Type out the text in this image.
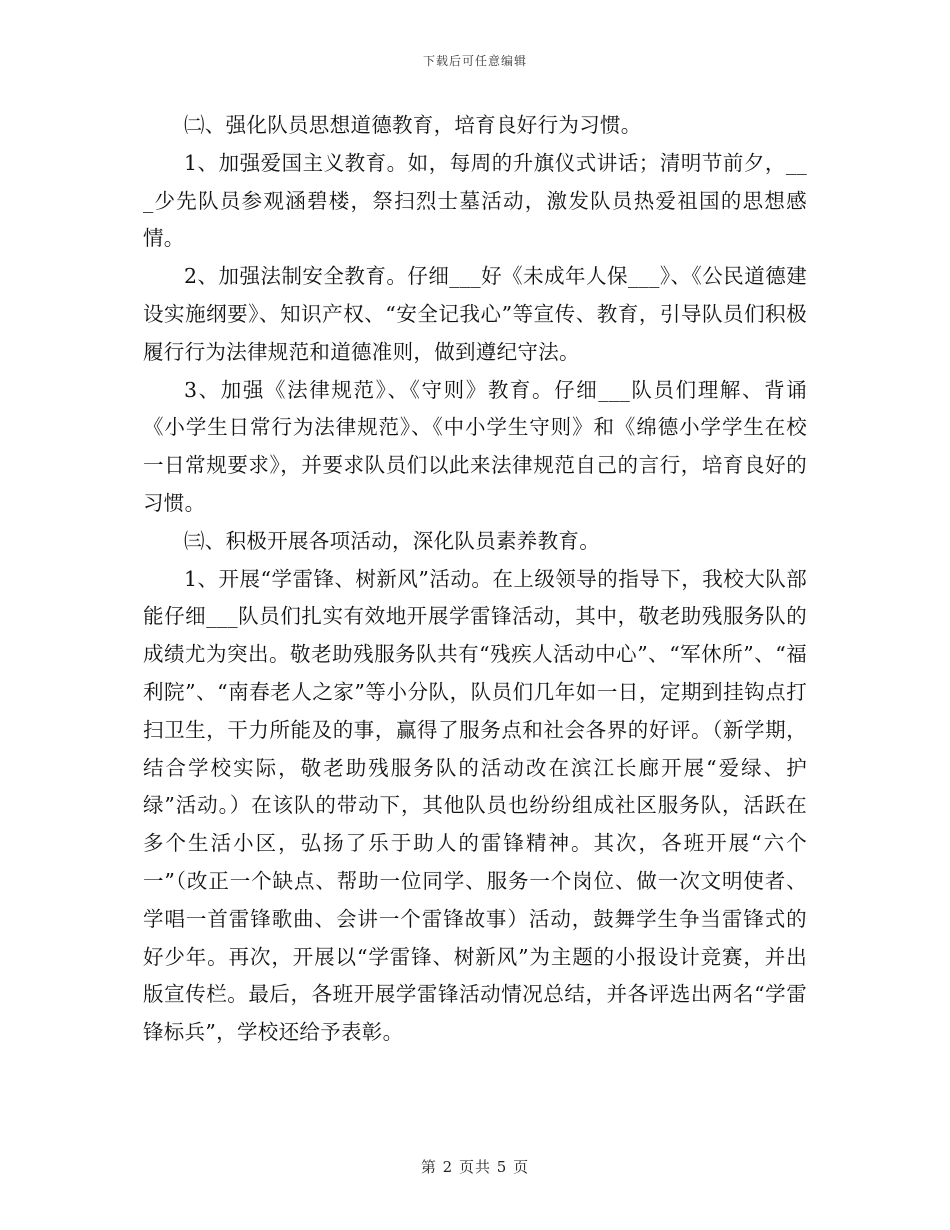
下载后可任意编辑

㈡、强化队员思想道德教育，培育良好行为习惯。

1、加强爱国主义教育。如，每周的升旗仪式讲话；清明节前夕，___少先队员参观涵碧楼，祭扫烈士墓活动，激发队员热爱祖国的思想感情。

2、加强法制安全教育。仔细___好《未成年人保___》、《公民道德建设实施纲要》、知识产权、“安全记我心”等宣传、教育，引导队员们积极履行行为法律规范和道德准则，做到遵纪守法。

3、加强《法律规范》、《守则》教育。仔细___队员们理解、背诵《小学生日常行为法律规范》、《中小学生守则》和《绵德小学学生在校一日常规要求》，并要求队员们以此来法律规范自己的言行，培育良好的习惯。

㈢、积极开展各项活动，深化队员素养教育。

1、开展“学雷锋、树新风”活动。在上级领导的指导下，我校大队部能仔细___队员们扎实有效地开展学雷锋活动，其中，敬老助残服务队的成绩尤为突出。敬老助残服务队共有“残疾人活动中心”、“军休所”、“福利院”、“南春老人之家”等小分队，队员们几年如一日，定期到挂钩点打扫卫生，干力所能及的事，赢得了服务点和社会各界的好评。（新学期，结合学校实际，敬老助残服务队的活动改在滨江长廊开展“爱绿、护绿”活动。）在该队的带动下，其他队员也纷纷组成社区服务队，活跃在多个生活小区，弘扬了乐于助人的雷锋精神。其次，各班开展“六个一”（改正一个缺点、帮助一位同学、服务一个岗位、做一次文明使者、学唱一首雷锋歌曲、会讲一个雷锋故事）活动，鼓舞学生争当雷锋式的好少年。再次，开展以“学雷锋、树新风”为主题的小报设计竞赛，并出版宣传栏。最后，各班开展学雷锋活动情况总结，并各评选出两名“学雷锋标兵”，学校还给予表彰。

第 2 页共 5 页
